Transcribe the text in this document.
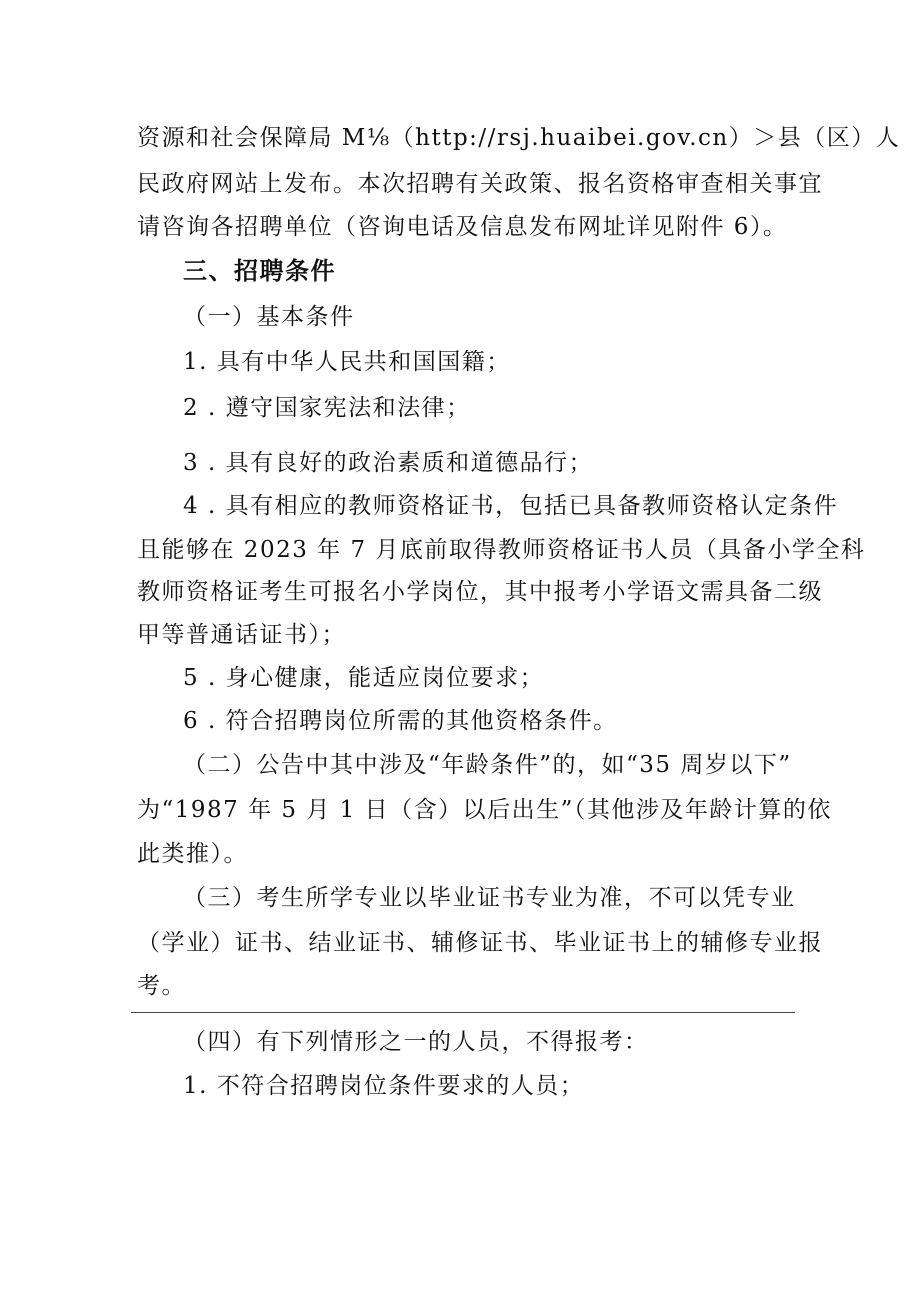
资源和社会保障局 M⅛（http://rsj.huaibei.gov.cn）＞县（区）人
民政府网站上发布。本次招聘有关政策、报名资格审查相关事宜
请咨询各招聘单位（咨询电话及信息发布网址详见附件 6）。
三、招聘条件
（一）基本条件
1. 具有中华人民共和国国籍；
2 . 遵守国家宪法和法律；
3 . 具有良好的政治素质和道德品行；
4 . 具有相应的教师资格证书，包括已具备教师资格认定条件
且能够在 2023 年 7 月底前取得教师资格证书人员（具备小学全科
教师资格证考生可报名小学岗位，其中报考小学语文需具备二级
甲等普通话证书）；
5 . 身心健康，能适应岗位要求；
6 . 符合招聘岗位所需的其他资格条件。
（二）公告中其中涉及“年龄条件”的，如“35 周岁以下”
为“1987 年 5 月 1 日（含）以后出生”（其他涉及年龄计算的依
此类推）。
（三）考生所学专业以毕业证书专业为准，不可以凭专业
（学业）证书、结业证书、辅修证书、毕业证书上的辅修专业报
考。
（四）有下列情形之一的人员，不得报考：
1. 不符合招聘岗位条件要求的人员；
